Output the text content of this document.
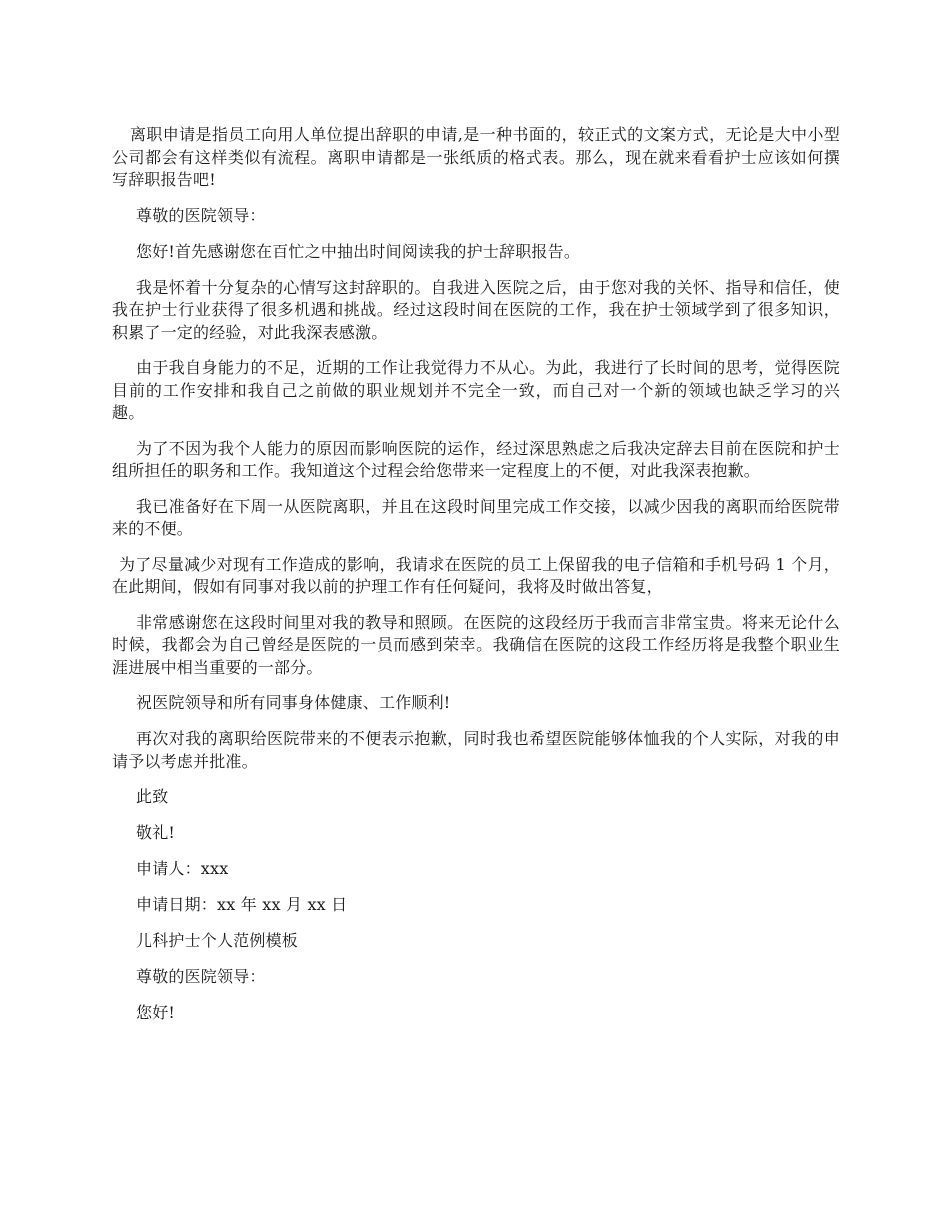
离职申请是指员工向用人单位提出辞职的申请,是一种书面的，较正式的文案方式，无论是大中小型公司都会有这样类似有流程。离职申请都是一张纸质的格式表。那么，现在就来看看护士应该如何撰写辞职报告吧!

尊敬的医院领导：

您好!首先感谢您在百忙之中抽出时间阅读我的护士辞职报告。

我是怀着十分复杂的心情写这封辞职的。自我进入医院之后，由于您对我的关怀、指导和信任，使我在护士行业获得了很多机遇和挑战。经过这段时间在医院的工作，我在护士领域学到了很多知识，积累了一定的经验，对此我深表感激。

由于我自身能力的不足，近期的工作让我觉得力不从心。为此，我进行了长时间的思考，觉得医院目前的工作安排和我自己之前做的职业规划并不完全一致，而自己对一个新的领域也缺乏学习的兴趣。

为了不因为我个人能力的原因而影响医院的运作，经过深思熟虑之后我决定辞去目前在医院和护士组所担任的职务和工作。我知道这个过程会给您带来一定程度上的不便，对此我深表抱歉。

我已准备好在下周一从医院离职，并且在这段时间里完成工作交接，以减少因我的离职而给医院带来的不便。

为了尽量减少对现有工作造成的影响，我请求在医院的员工上保留我的电子信箱和手机号码 1 个月，在此期间，假如有同事对我以前的护理工作有任何疑问，我将及时做出答复，

非常感谢您在这段时间里对我的教导和照顾。在医院的这段经历于我而言非常宝贵。将来无论什么时候，我都会为自己曾经是医院的一员而感到荣幸。我确信在医院的这段工作经历将是我整个职业生涯进展中相当重要的一部分。

祝医院领导和所有同事身体健康、工作顺利!

再次对我的离职给医院带来的不便表示抱歉，同时我也希望医院能够体恤我的个人实际，对我的申请予以考虑并批准。

此致

敬礼!

申请人：xxx

申请日期：xx 年 xx 月 xx 日

儿科护士个人范例模板

尊敬的医院领导：

您好!
